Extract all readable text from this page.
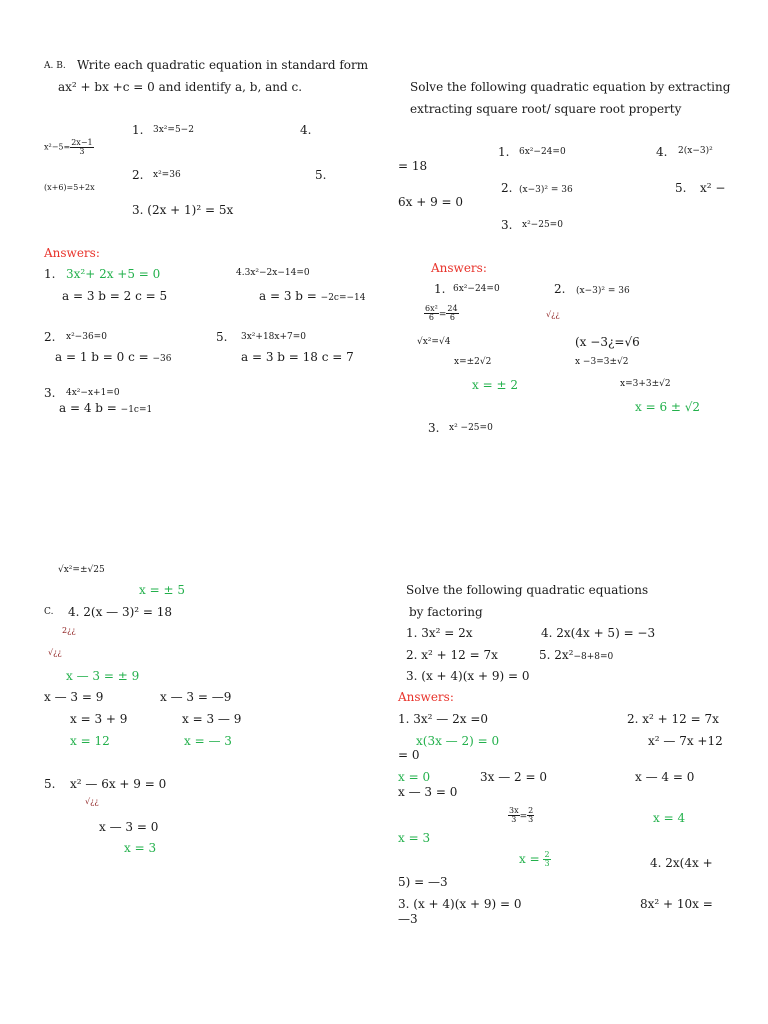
A. B. Write each quadratic equation in standard form
ax² + bx +c = 0 and identify a, b, and c.
1. 3x²=5−2	4.
$x^2-5= \frac{2x-1}{3}$
2. x²=36	5.
(x+6)=5+2x
3. (2x + 1)² = 5x
Answers:
1. 3x²+ 2x +5 = 0
a = 3 b = 2 c = 5
4.3x²−2x−14=0
a = 3 b = −2c=−14
2. x²−36=0
a = 1 b = 0 c = −36
5. 3x²+18x+7=0
a = 3 b = 18 c = 7
3. 4x²−x+1=0
a = 4 b = −1c=1
Solve the following quadratic equation by extracting
extracting square root/ square root property
1. 6x²−24=0	4. 2(x−3)²
= 18
2. (x−3)² = 36	5. x² −
6x + 9 = 0
3. x²−25=0
Answers:
1. 6x²−24=0	2. (x−3)² = 36
$\frac{\text{6x²}}{6} = \frac{24}{6}$	√¿¿
√x²=√4	(x −3¿=√6
x=±2√2	x −3=3±√2
x = ± 2	x=3+3±√2
x = 6 ± √2
3. x² −25=0
√x²=±√25
x = ± 5
C. 4. 2(x — 3)² = 18
2¿¿
√¿¿
x — 3 = ± 9
x — 3 = 9	x — 3 = —9
x = 3 + 9	x = 3 — 9
x = 12	x = — 3
5. x² — 6x + 9 = 0
√¿¿
x — 3 = 0
x = 3
Solve the following quadratic equations
by factoring
1. 3x² = 2x	4. 2x(4x + 5) = −3
2. x² + 12 = 7x	5. 2x²−8+8=0
3. (x + 4)(x + 9) = 0
Answers:
1. 3x² — 2x =0	2. x² + 12 = 7x
x(3x — 2) = 0	x² — 7x +12
= 0
x = 0	3x — 2 = 0	x — 4 = 0
x — 3 = 0
$\frac{3x}{3} = \frac{2}{3}$	x = 4
x = 3
$x = \frac{2}{3}$	4. 2x(4x +
5) = —3
3. (x + 4)(x + 9) = 0	8x² + 10x =
—3
